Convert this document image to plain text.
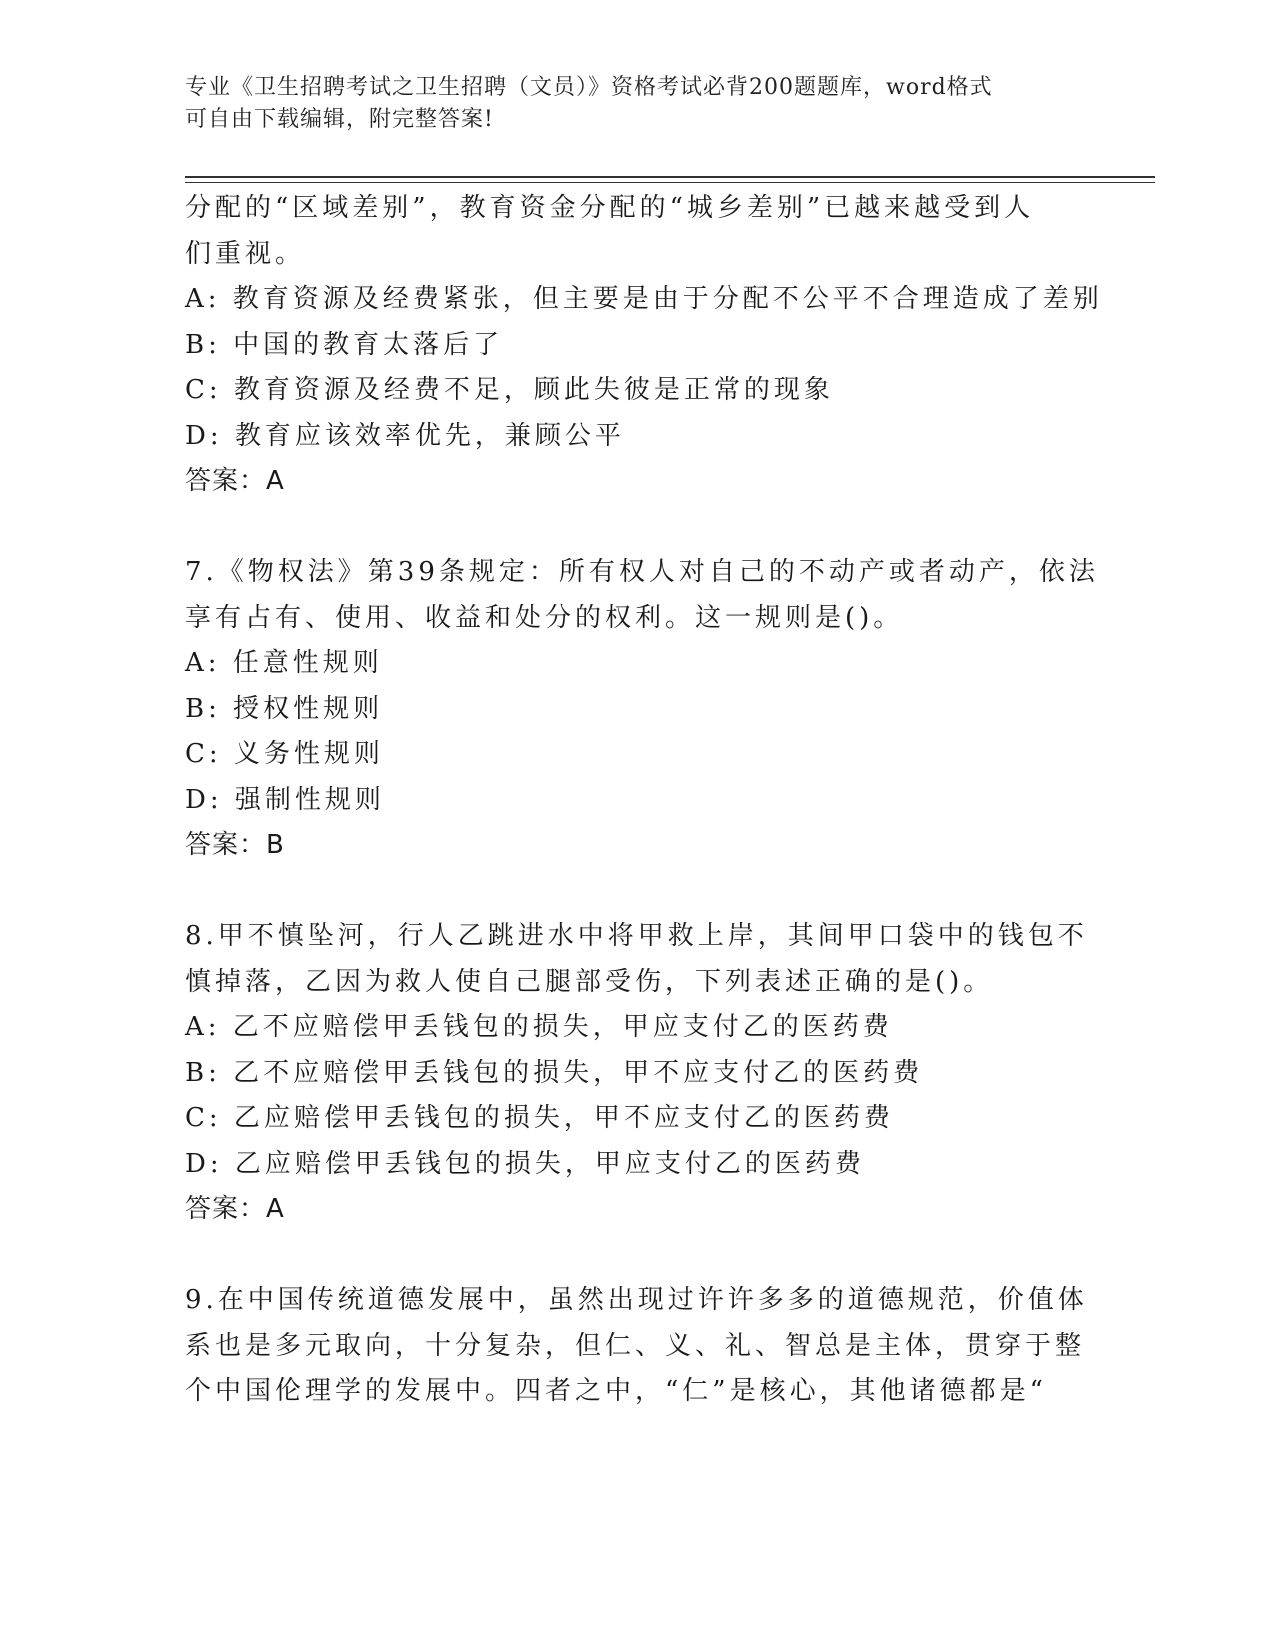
专业《卫生招聘考试之卫生招聘（文员）》资格考试必背200题题库，word格式
可自由下载编辑，附完整答案!

分配的“区域差别”，教育资金分配的“城乡差别”已越来越受到人

们重视。

A: 教育资源及经费紧张，但主要是由于分配不公平不合理造成了差别

B: 中国的教育太落后了

C: 教育资源及经费不足，顾此失彼是正常的现象

D: 教育应该效率优先，兼顾公平

答案：A

7.《物权法》第39条规定：所有权人对自己的不动产或者动产，依法

享有占有、使用、收益和处分的权利。这一规则是()。

A: 任意性规则

B: 授权性规则

C: 义务性规则

D: 强制性规则

答案：B

8.甲不慎坠河，行人乙跳进水中将甲救上岸，其间甲口袋中的钱包不

慎掉落，乙因为救人使自己腿部受伤，下列表述正确的是()。

A: 乙不应赔偿甲丢钱包的损失，甲应支付乙的医药费

B: 乙不应赔偿甲丢钱包的损失，甲不应支付乙的医药费

C: 乙应赔偿甲丢钱包的损失，甲不应支付乙的医药费

D: 乙应赔偿甲丢钱包的损失，甲应支付乙的医药费

答案：A

9.在中国传统道德发展中，虽然出现过许许多多的道德规范，价值体

系也是多元取向，十分复杂，但仁、义、礼、智总是主体，贯穿于整

个中国伦理学的发展中。四者之中，“仁”是核心，其他诸德都是“
